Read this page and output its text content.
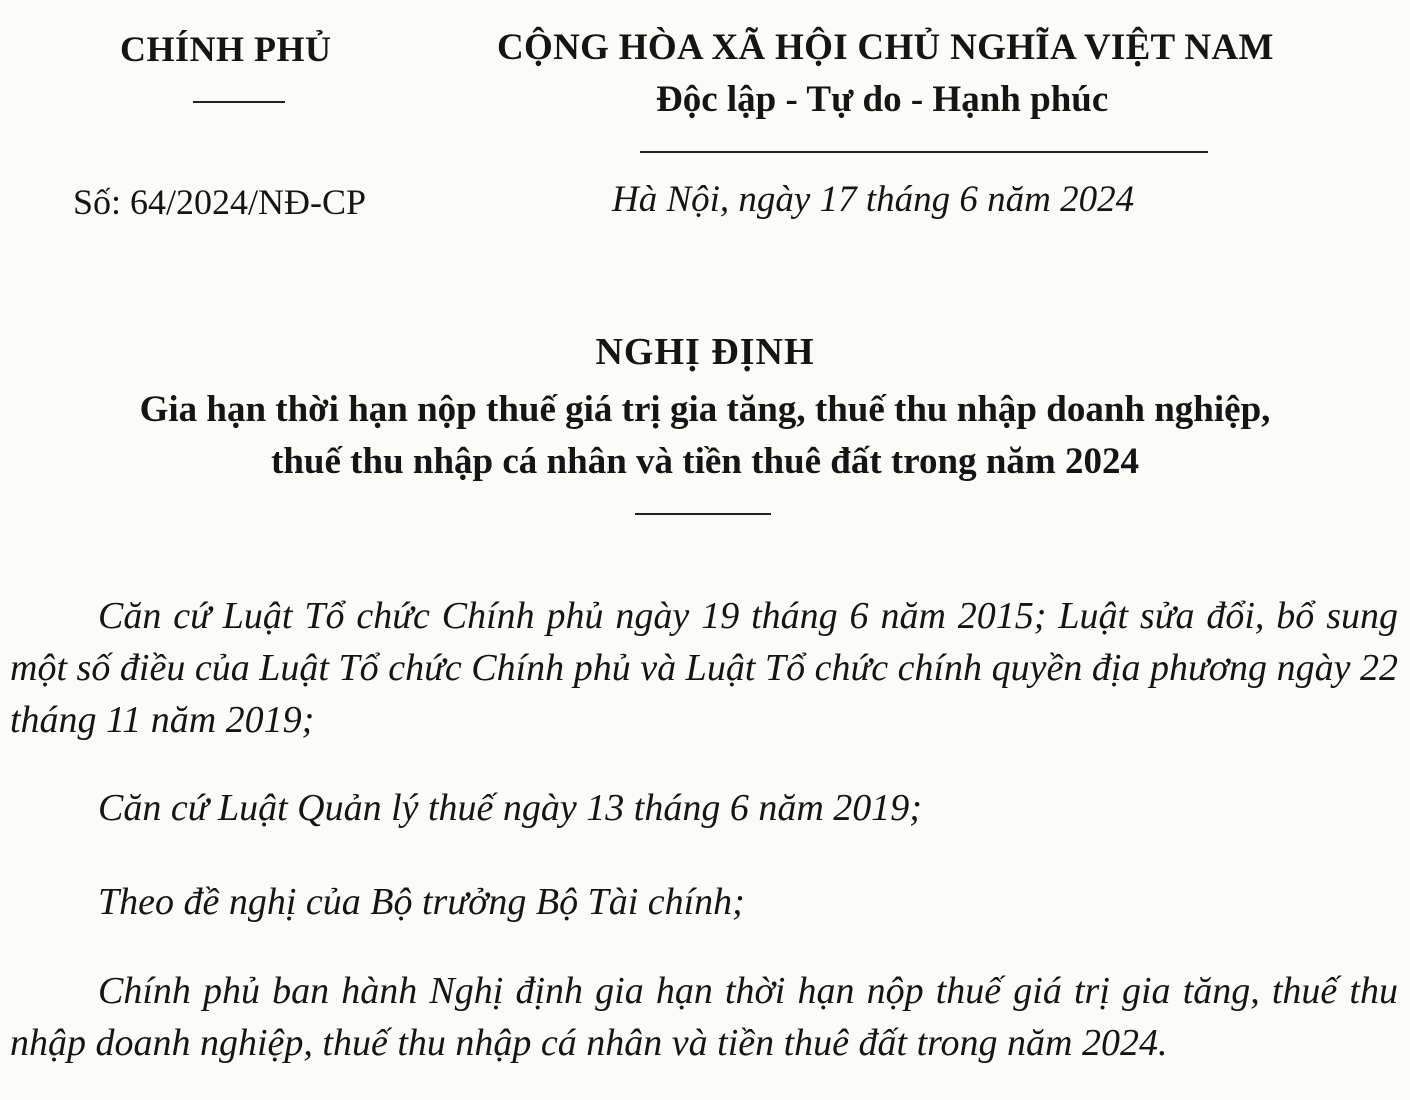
CHÍNH PHỦ
Số: 64/2024/NĐ-CP
CỘNG HÒA XÃ HỘI CHỦ NGHĨA VIỆT NAM
Độc lập - Tự do - Hạnh phúc
Hà Nội, ngày 17 tháng 6 năm 2024
NGHỊ ĐỊNH
Gia hạn thời hạn nộp thuế giá trị gia tăng, thuế thu nhập doanh nghiệp,
thuế thu nhập cá nhân và tiền thuê đất trong năm 2024

Căn cứ Luật Tổ chức Chính phủ ngày 19 tháng 6 năm 2015; Luật sửa đổi, bổ sung một số điều của Luật Tổ chức Chính phủ và Luật Tổ chức chính quyền địa phương ngày 22 tháng 11 năm 2019;

Căn cứ Luật Quản lý thuế ngày 13 tháng 6 năm 2019;

Theo đề nghị của Bộ trưởng Bộ Tài chính;

Chính phủ ban hành Nghị định gia hạn thời hạn nộp thuế giá trị gia tăng, thuế thu nhập doanh nghiệp, thuế thu nhập cá nhân và tiền thuê đất trong năm 2024.
